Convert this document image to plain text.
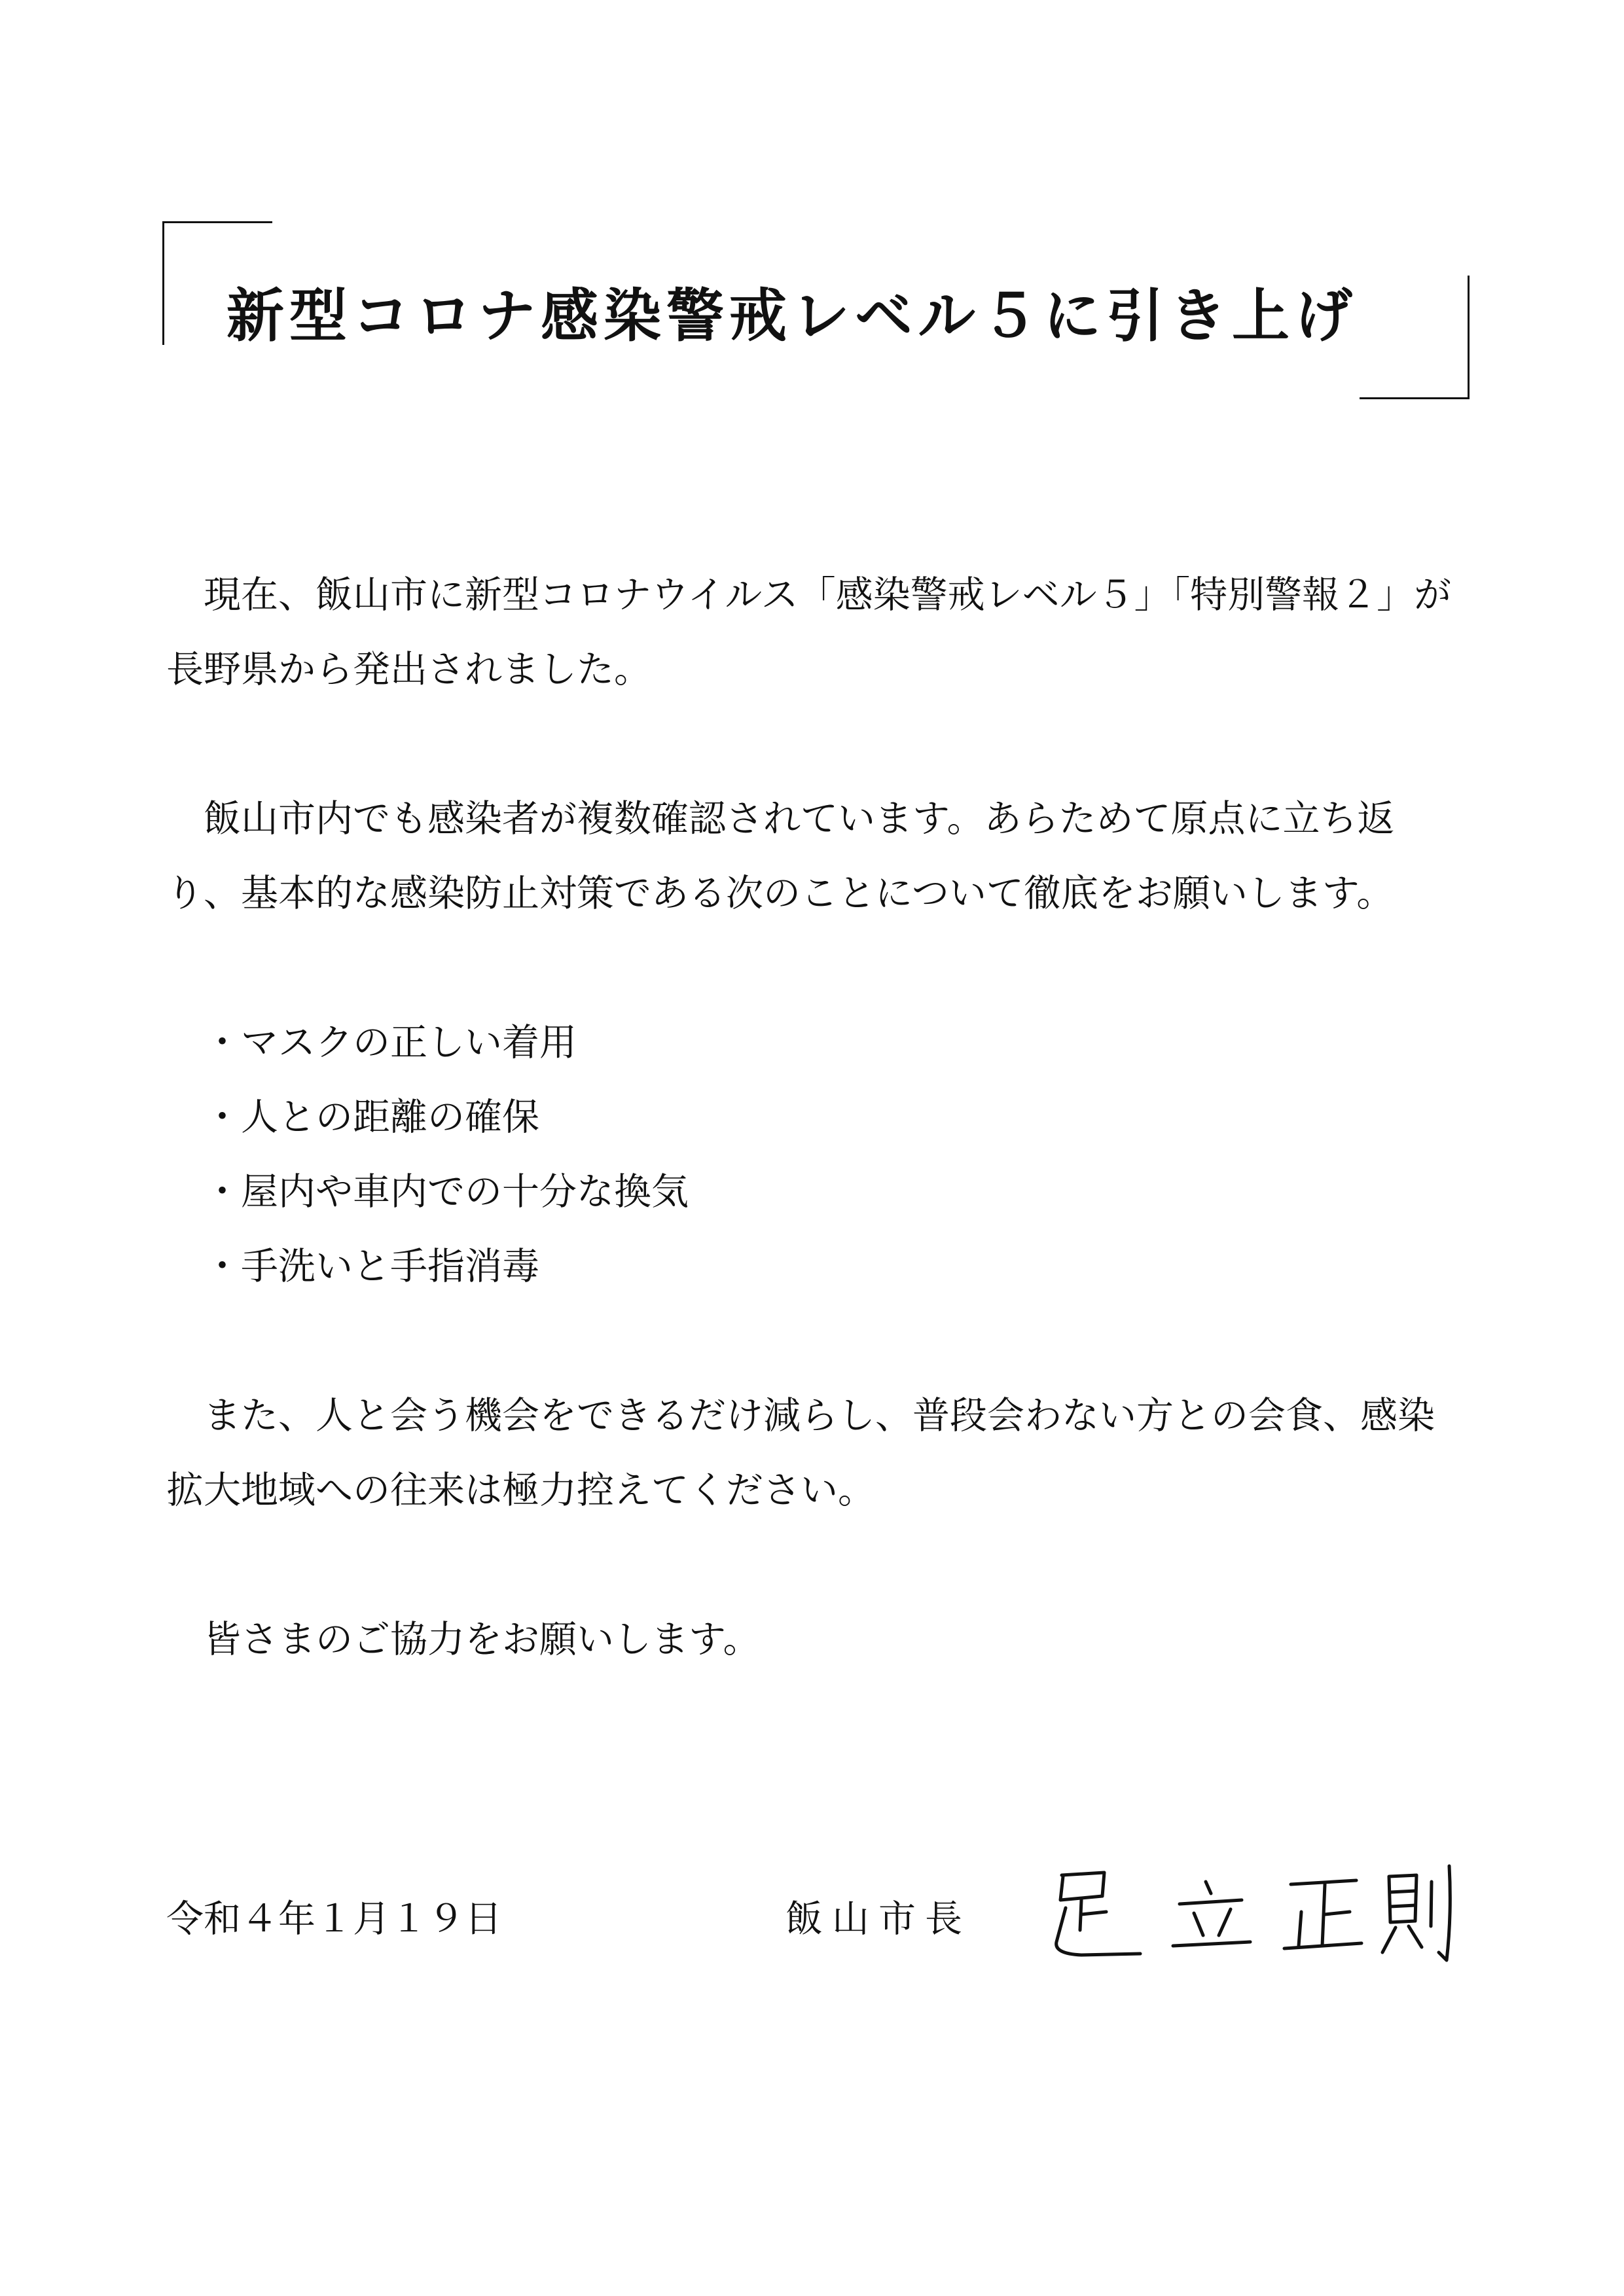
新型コロナ感染警戒レベル５に引き上げ

現在、飯山市に新型コロナウイルス「感染警戒レベル５」「特別警報２」が長野県から発出されました。

飯山市内でも感染者が複数確認されています。あらためて原点に立ち返り、基本的な感染防止対策である次のことについて徹底をお願いします。

・マスクの正しい着用
・人との距離の確保
・屋内や車内での十分な換気
・手洗いと手指消毒

また、人と会う機会をできるだけ減らし、普段会わない方との会食、感染拡大地域への往来は極力控えてください。

皆さまのご協力をお願いします。

令和４年１月１９日	飯山市長
